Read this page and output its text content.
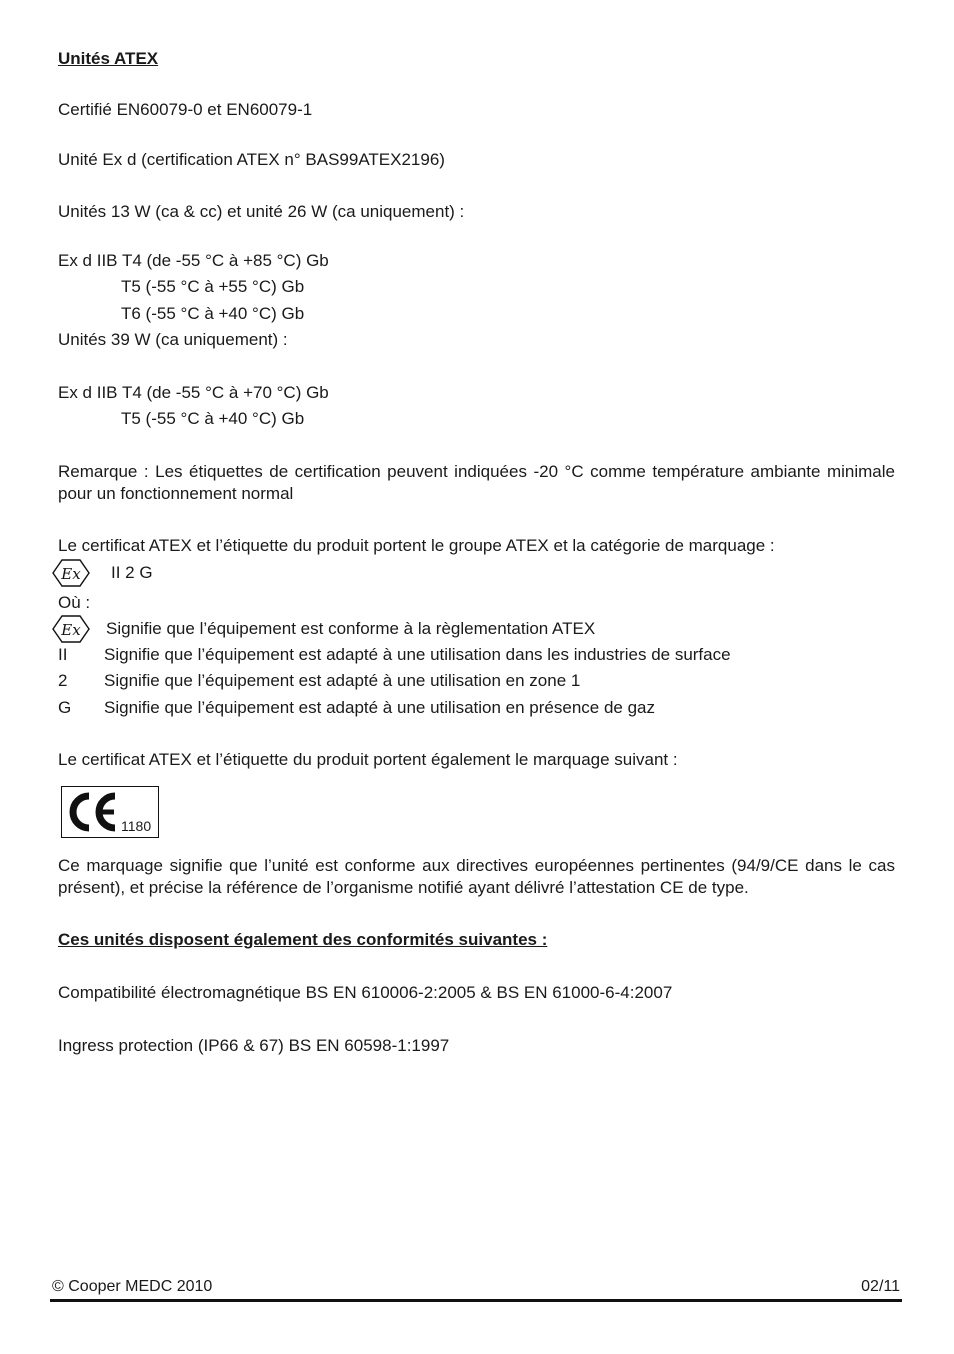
Unités ATEX
Certifié EN60079-0 et EN60079-1
Unité Ex d (certification ATEX n° BAS99ATEX2196)
Unités 13 W (ca & cc) et unité 26 W (ca uniquement) :
Ex d IIB T4 (de -55 °C à +85 °C) Gb
T5 (-55 °C à +55 °C) Gb
T6 (-55 °C à +40 °C) Gb
Unités 39 W (ca uniquement) :
Ex d IIB T4 (de -55 °C à +70 °C) Gb
T5 (-55 °C à +40 °C) Gb
Remarque : Les étiquettes de certification peuvent indiquées -20 °C comme température ambiante minimale pour un fonctionnement normal
Le certificat ATEX et l’étiquette du produit portent le groupe ATEX et la catégorie de marquage :
Ex II 2 G
Où :
Ex Signifie que l’équipement est conforme à la règlementation ATEX
II Signifie que l’équipement est adapté à une utilisation dans les industries de surface
2 Signifie que l’équipement est adapté à une utilisation en zone 1
G Signifie que l’équipement est adapté à une utilisation en présence de gaz
Le certificat ATEX et l’étiquette du produit portent également le marquage suivant :
1180
Ce marquage signifie que l’unité est conforme aux directives européennes pertinentes (94/9/CE dans le cas présent), et précise la référence de l’organisme notifié ayant délivré l’attestation CE de type.
Ces unités disposent également des conformités suivantes :
Compatibilité électromagnétique BS EN 610006-2:2005 & BS EN 61000-6-4:2007
Ingress protection (IP66 & 67) BS EN 60598-1:1997
© Cooper MEDC 2010	02/11
